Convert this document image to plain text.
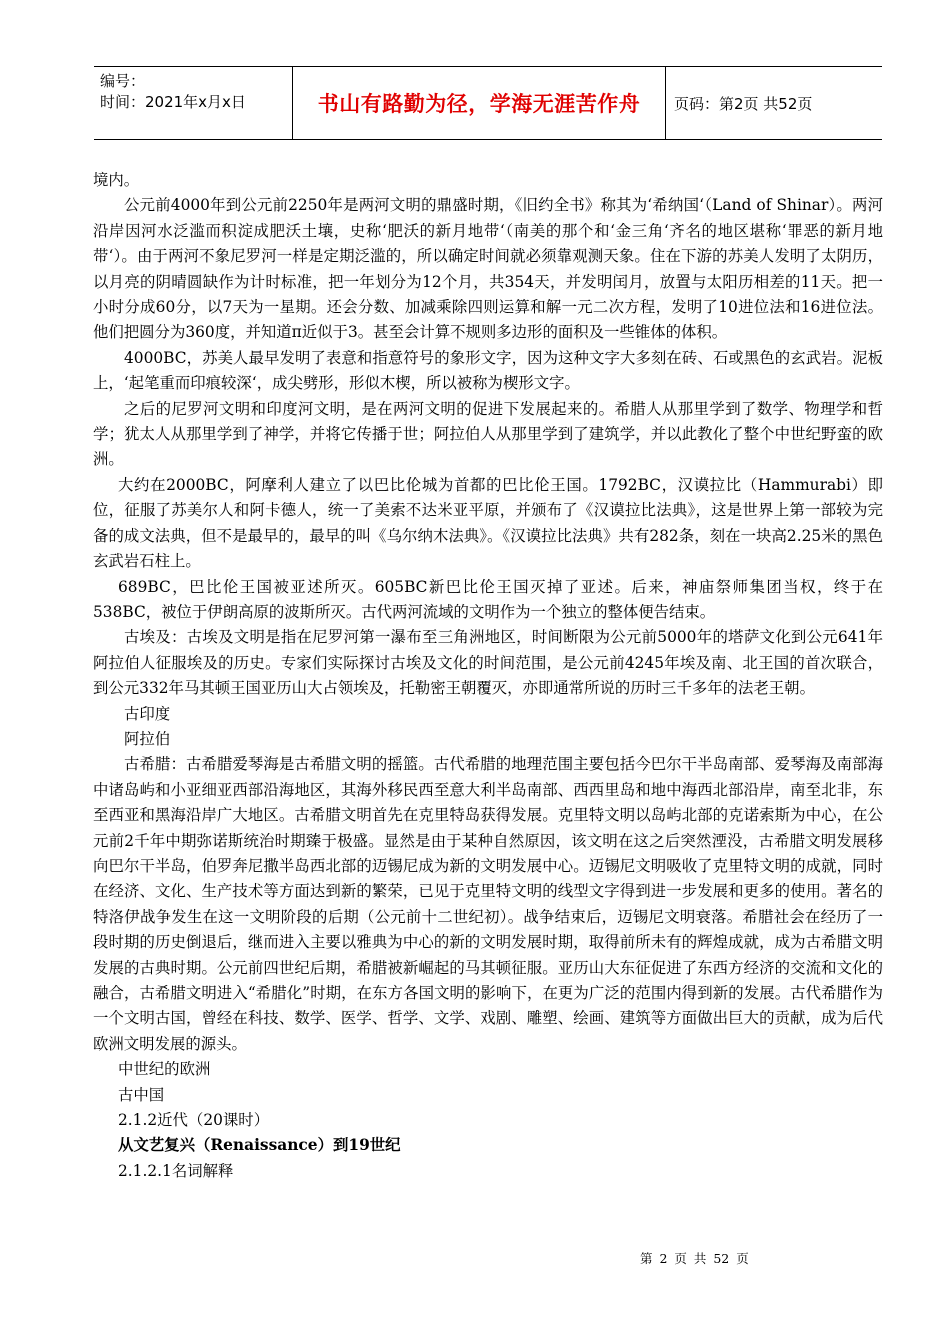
编号：
时间：2021年x月x日	书山有路勤为径，学海无涯苦作舟 页码：第2页 共52页

境内。

公元前4000年到公元前2250年是两河文明的鼎盛时期，《旧约全书》称其为‘希纳国‘（Land of Shinar）。两河沿岸因河水泛滥而积淀成肥沃土壤，史称‘肥沃的新月地带‘（南美的那个和‘金三角‘齐名的地区堪称‘罪恶的新月地带‘）。由于两河不象尼罗河一样是定期泛滥的，所以确定时间就必须靠观测天象。住在下游的苏美人发明了太阴历，以月亮的阴晴圆缺作为计时标准，把一年划分为12个月，共354天，并发明闰月，放置与太阳历相差的11天。把一小时分成60分，以7天为一星期。还会分数、加减乘除四则运算和解一元二次方程，发明了10进位法和16进位法。他们把圆分为360度，并知道π近似于3。甚至会计算不规则多边形的面积及一些锥体的体积。

4000BC，苏美人最早发明了表意和指意符号的象形文字，因为这种文字大多刻在砖、石或黑色的玄武岩。泥板上，‘起笔重而印痕较深‘，成尖劈形，形似木楔，所以被称为楔形文字。

之后的尼罗河文明和印度河文明，是在两河文明的促进下发展起来的。希腊人从那里学到了数学、物理学和哲学；犹太人从那里学到了神学，并将它传播于世；阿拉伯人从那里学到了建筑学，并以此教化了整个中世纪野蛮的欧洲。

大约在2000BC，阿摩利人建立了以巴比伦城为首都的巴比伦王国。1792BC，汉谟拉比（Hammurabi）即位，征服了苏美尔人和阿卡德人，统一了美索不达米亚平原，并颁布了《汉谟拉比法典》，这是世界上第一部较为完备的成文法典，但不是最早的，最早的叫《乌尔纳木法典》。《汉谟拉比法典》共有282条，刻在一块高2.25米的黑色玄武岩石柱上。

689BC，巴比伦王国被亚述所灭。605BC新巴比伦王国灭掉了亚述。后来，神庙祭师集团当权，终于在538BC，被位于伊朗高原的波斯所灭。古代两河流域的文明作为一个独立的整体便告结束。

古埃及：古埃及文明是指在尼罗河第一瀑布至三角洲地区，时间断限为公元前5000年的塔萨文化到公元641年阿拉伯人征服埃及的历史。专家们实际探讨古埃及文化的时间范围，是公元前4245年埃及南、北王国的首次联合，到公元332年马其顿王国亚历山大占领埃及，托勒密王朝覆灭，亦即通常所说的历时三千多年的法老王朝。

古印度

阿拉伯

古希腊：古希腊爱琴海是古希腊文明的摇篮。古代希腊的地理范围主要包括今巴尔干半岛南部、爱琴海及南部海中诸岛屿和小亚细亚西部沿海地区，其海外移民西至意大利半岛南部、西西里岛和地中海西北部沿岸，南至北非，东至西亚和黑海沿岸广大地区。古希腊文明首先在克里特岛获得发展。克里特文明以岛屿北部的克诺索斯为中心，在公元前2千年中期弥诺斯统治时期臻于极盛。显然是由于某种自然原因，该文明在这之后突然湮没，古希腊文明发展移向巴尔干半岛，伯罗奔尼撒半岛西北部的迈锡尼成为新的文明发展中心。迈锡尼文明吸收了克里特文明的成就，同时在经济、文化、生产技术等方面达到新的繁荣，已见于克里特文明的线型文字得到进一步发展和更多的使用。著名的特洛伊战争发生在这一文明阶段的后期（公元前十二世纪初）。战争结束后，迈锡尼文明衰落。希腊社会在经历了一段时期的历史倒退后，继而进入主要以雅典为中心的新的文明发展时期，取得前所未有的辉煌成就，成为古希腊文明发展的古典时期。公元前四世纪后期，希腊被新崛起的马其顿征服。亚历山大东征促进了东西方经济的交流和文化的融合，古希腊文明进入“希腊化”时期，在东方各国文明的影响下，在更为广泛的范围内得到新的发展。古代希腊作为一个文明古国，曾经在科技、数学、医学、哲学、文学、戏剧、雕塑、绘画、建筑等方面做出巨大的贡献，成为后代欧洲文明发展的源头。

中世纪的欧洲

古中国

2.1.2近代（20课时）

从文艺复兴（Renaissance）到19世纪

2.1.2.1名词解释

第 2 页 共 52 页
